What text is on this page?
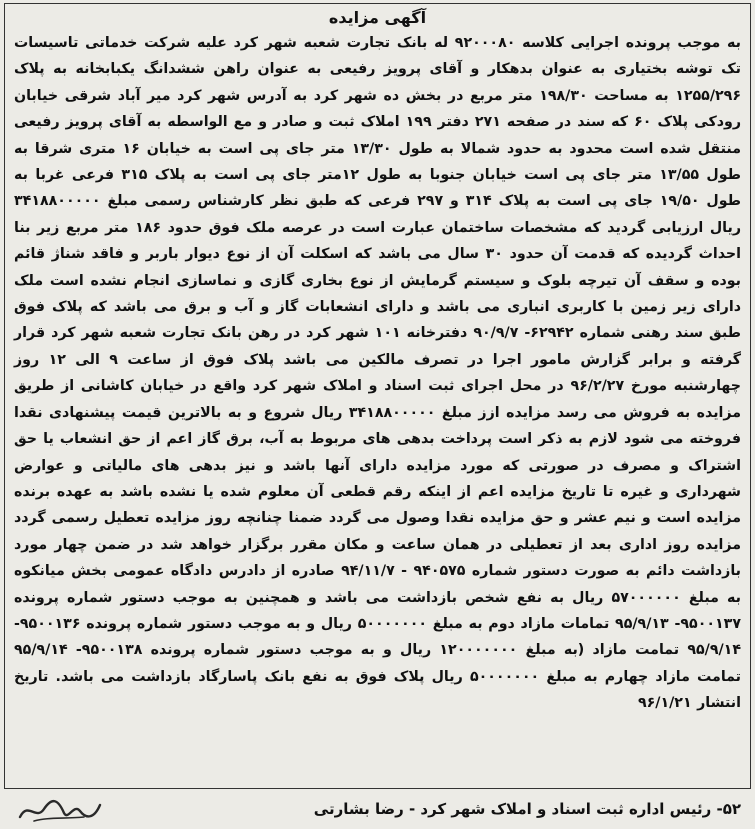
آگهی مزایده
به موجب پرونده اجرایی کلاسه ۹۲۰۰۰۸۰ له بانک تجارت شعبه شهر کرد علیه شرکت خدماتی تاسیسات تک توشه بختیاری به عنوان بدهکار و آقای پرویز رفیعی به عنوان راهن ششدانگ یکبابخانه به پلاک ۱۲۵۵/۲۹۶ به مساحت ۱۹۸/۳۰ متر مربع در بخش ده شهر کرد به آدرس شهر کرد میر آباد شرقی خیابان رودکی پلاک ۶۰ که سند در صفحه ۲۷۱ دفتر ۱۹۹ املاک ثبت و صادر و مع الواسطه به آقای پرویز رفیعی منتقل شده است محدود به حدود شمالا به طول ۱۳/۳۰ متر جای پی است به خیابان ۱۶ متری شرقا به طول ۱۳/۵۵ متر جای پی است خیابان جنوبا به طول ۱۲متر جای پی است به پلاک ۳۱۵ فرعی غربا به طول ۱۹/۵۰ جای پی است به پلاک ۳۱۴ و ۲۹۷ فرعی که طبق نظر کارشناس رسمی مبلغ ۳۴۱۸۸۰۰۰۰۰ ریال ارزیابی گردید که مشخصات ساختمان عبارت است در عرصه ملک فوق حدود ۱۸۶ متر مربع زیر بنا احداث گردیده که قدمت آن حدود ۳۰ سال می باشد که اسکلت آن از نوع دیوار باربر و فاقد شناژ قائم بوده و سقف آن تیرچه بلوک و سیستم گرمایش از نوع بخاری گازی و نماسازی انجام نشده است ملک دارای زیر زمین با کاربری انباری می باشد و دارای انشعابات گاز و آب و برق می باشد که پلاک فوق طبق سند رهنی شماره ۶۲۹۴۲- ۹۰/۹/۷ دفترخانه ۱۰۱ شهر کرد در رهن بانک تجارت شعبه شهر کرد قرار گرفته و برابر گزارش مامور اجرا در تصرف مالکین می باشد پلاک فوق از ساعت ۹ الی ۱۲ روز چهارشنبه مورخ ۹۶/۲/۲۷ در محل اجرای ثبت اسناد و املاک شهر کرد واقع در خیابان کاشانی از طریق مزایده به فروش می رسد مزایده ازز مبلغ ۳۴۱۸۸۰۰۰۰۰ ریال شروع و به بالاترین قیمت پیشنهادی نقدا فروخته می شود لازم به ذکر است پرداخت بدهی های مربوط به آب، برق گاز اعم از حق انشعاب یا حق اشتراک و مصرف در صورتی که مورد مزایده دارای آنها باشد و نیز بدهی های مالیاتی و عوارض شهرداری و غیره تا تاریخ مزایده اعم از اینکه رقم قطعی آن معلوم شده یا نشده باشد به عهده برنده مزایده است و نیم عشر و حق مزایده نقدا وصول می گردد ضمنا چنانچه روز مزایده تعطیل رسمی گردد مزایده روز اداری بعد از تعطیلی در همان ساعت و مکان مقرر برگزار خواهد شد در ضمن چهار مورد بازداشت دائم به صورت دستور شماره ۹۴۰۵۷۵ - ۹۴/۱۱/۷ صادره از دادرس دادگاه عمومی بخش میانکوه به مبلغ ۵۷۰۰۰۰۰۰ ریال به نفع شخص بازداشت می باشد و همچنین به موجب دستور شماره پرونده ۹۵۰۰۱۳۷- ۹۵/۹/۱۳ تمامات مازاد دوم به مبلغ ۵۰۰۰۰۰۰۰ ریال و به موجب دستور شماره پرونده ۹۵۰۰۱۳۶- ۹۵/۹/۱۴ تمامت مازاد (به مبلغ ۱۲۰۰۰۰۰۰۰ ریال و به موجب دستور شماره پرونده ۹۵۰۰۱۳۸- ۹۵/۹/۱۴ تمامت مازاد چهارم به مبلغ ۵۰۰۰۰۰۰۰ ریال پلاک فوق به نفع بانک پاسارگاد بازداشت می باشد. تاریخ انتشار ۹۶/۱/۲۱
۵۲- رئیس اداره ثبت اسناد و املاک شهر کرد - رضا بشارتی
